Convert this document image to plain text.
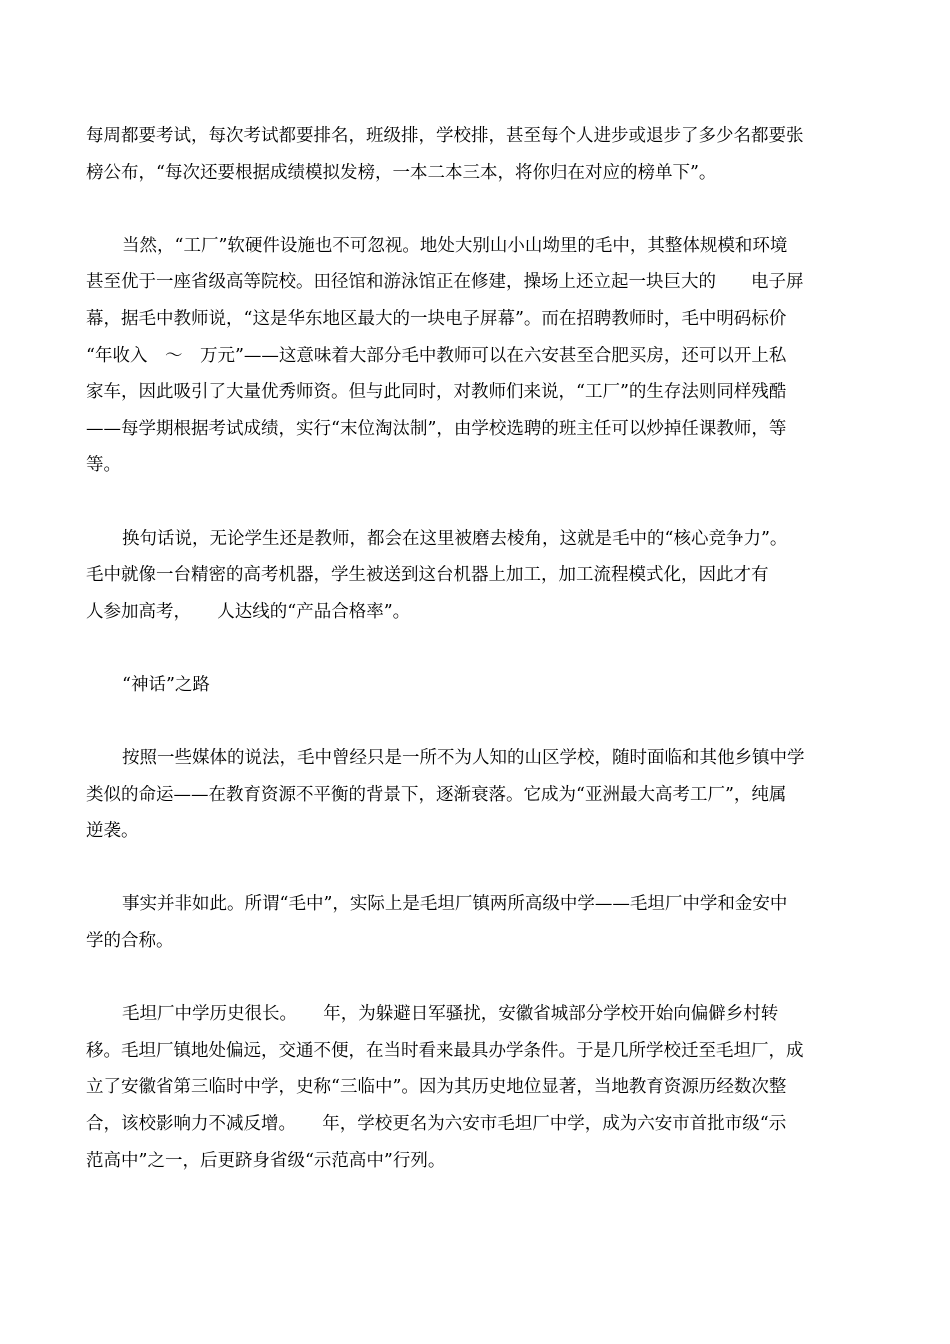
每周都要考试，每次考试都要排名，班级排，学校排，甚至每个人进步或退步了多少名都要张
榜公布，“每次还要根据成绩模拟发榜，一本二本三本，将你归在对应的榜单下”。
当然，“工厂”软硬件设施也不可忽视。地处大别山小山坳里的毛中，其整体规模和环境
甚至优于一座省级高等院校。田径馆和游泳馆正在修建，操场上还立起一块巨大的　　电子屏
幕，据毛中教师说，“这是华东地区最大的一块电子屏幕”。而在招聘教师时，毛中明码标价
“年收入　～　万元”——这意味着大部分毛中教师可以在六安甚至合肥买房，还可以开上私
家车，因此吸引了大量优秀师资。但与此同时，对教师们来说，“工厂”的生存法则同样残酷
——每学期根据考试成绩，实行“末位淘汰制”，由学校选聘的班主任可以炒掉任课教师，等
等。
换句话说，无论学生还是教师，都会在这里被磨去棱角，这就是毛中的“核心竞争力”。
毛中就像一台精密的高考机器，学生被送到这台机器上加工，加工流程模式化，因此才有
人参加高考，　　人达线的“产品合格率”。
“神话”之路
按照一些媒体的说法，毛中曾经只是一所不为人知的山区学校，随时面临和其他乡镇中学
类似的命运——在教育资源不平衡的背景下，逐渐衰落。它成为“亚洲最大高考工厂”，纯属
逆袭。
事实并非如此。所谓“毛中”，实际上是毛坦厂镇两所高级中学——毛坦厂中学和金安中
学的合称。
毛坦厂中学历史很长。　　年，为躲避日军骚扰，安徽省城部分学校开始向偏僻乡村转
移。毛坦厂镇地处偏远，交通不便，在当时看来最具办学条件。于是几所学校迁至毛坦厂，成
立了安徽省第三临时中学，史称“三临中”。因为其历史地位显著，当地教育资源历经数次整
合，该校影响力不减反增。　　年，学校更名为六安市毛坦厂中学，成为六安市首批市级“示
范高中”之一，后更跻身省级“示范高中”行列。
